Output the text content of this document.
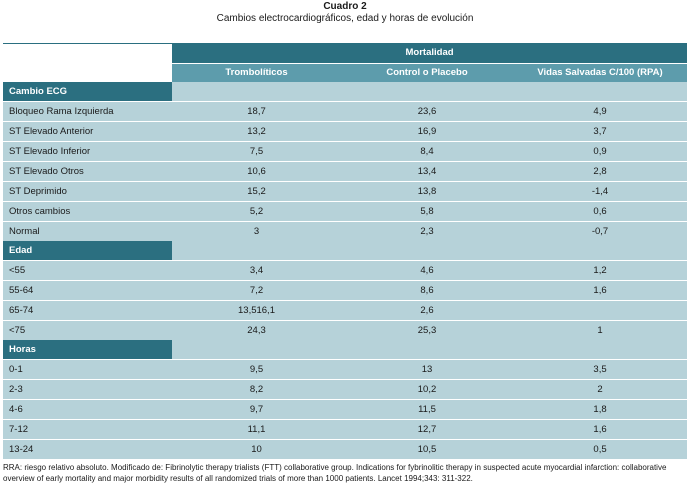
Cuadro 2
Cambios electrocardiográficos, edad y horas de evolución
	Mortalidad		
	Trombolíticos	Control o Placebo	Vidas Salvadas C/100 (RPA)
Cambio ECG			
Bloqueo Rama Izquierda	18,7	23,6	4,9
ST Elevado Anterior	13,2	16,9	3,7
ST Elevado Inferior	7,5	8,4	0,9
ST Elevado Otros	10,6	13,4	2,8
ST Deprimido	15,2	13,8	-1,4
Otros cambios	5,2	5,8	0,6
Normal	3	2,3	-0,7
Edad			
<55	3,4	4,6	1,2
55-64	7,2	8,6	1,6
65-74	13,516,1	2,6	
<75	24,3	25,3	1
Horas			
0-1	9,5	13	3,5
2-3	8,2	10,2	2
4-6	9,7	11,5	1,8
7-12	11,1	12,7	1,6
13-24	10	10,5	0,5
RRA: riesgo relativo absoluto. Modificado de: Fibrinolytic therapy trialists (FTT) collaborative group. Indications for fybrinolitic therapy in suspected acute myocardial infarction: collaborative overview of early mortality and major morbidity results of all randomized trials of more than 1000 patients. Lancet 1994;343: 311-322.
